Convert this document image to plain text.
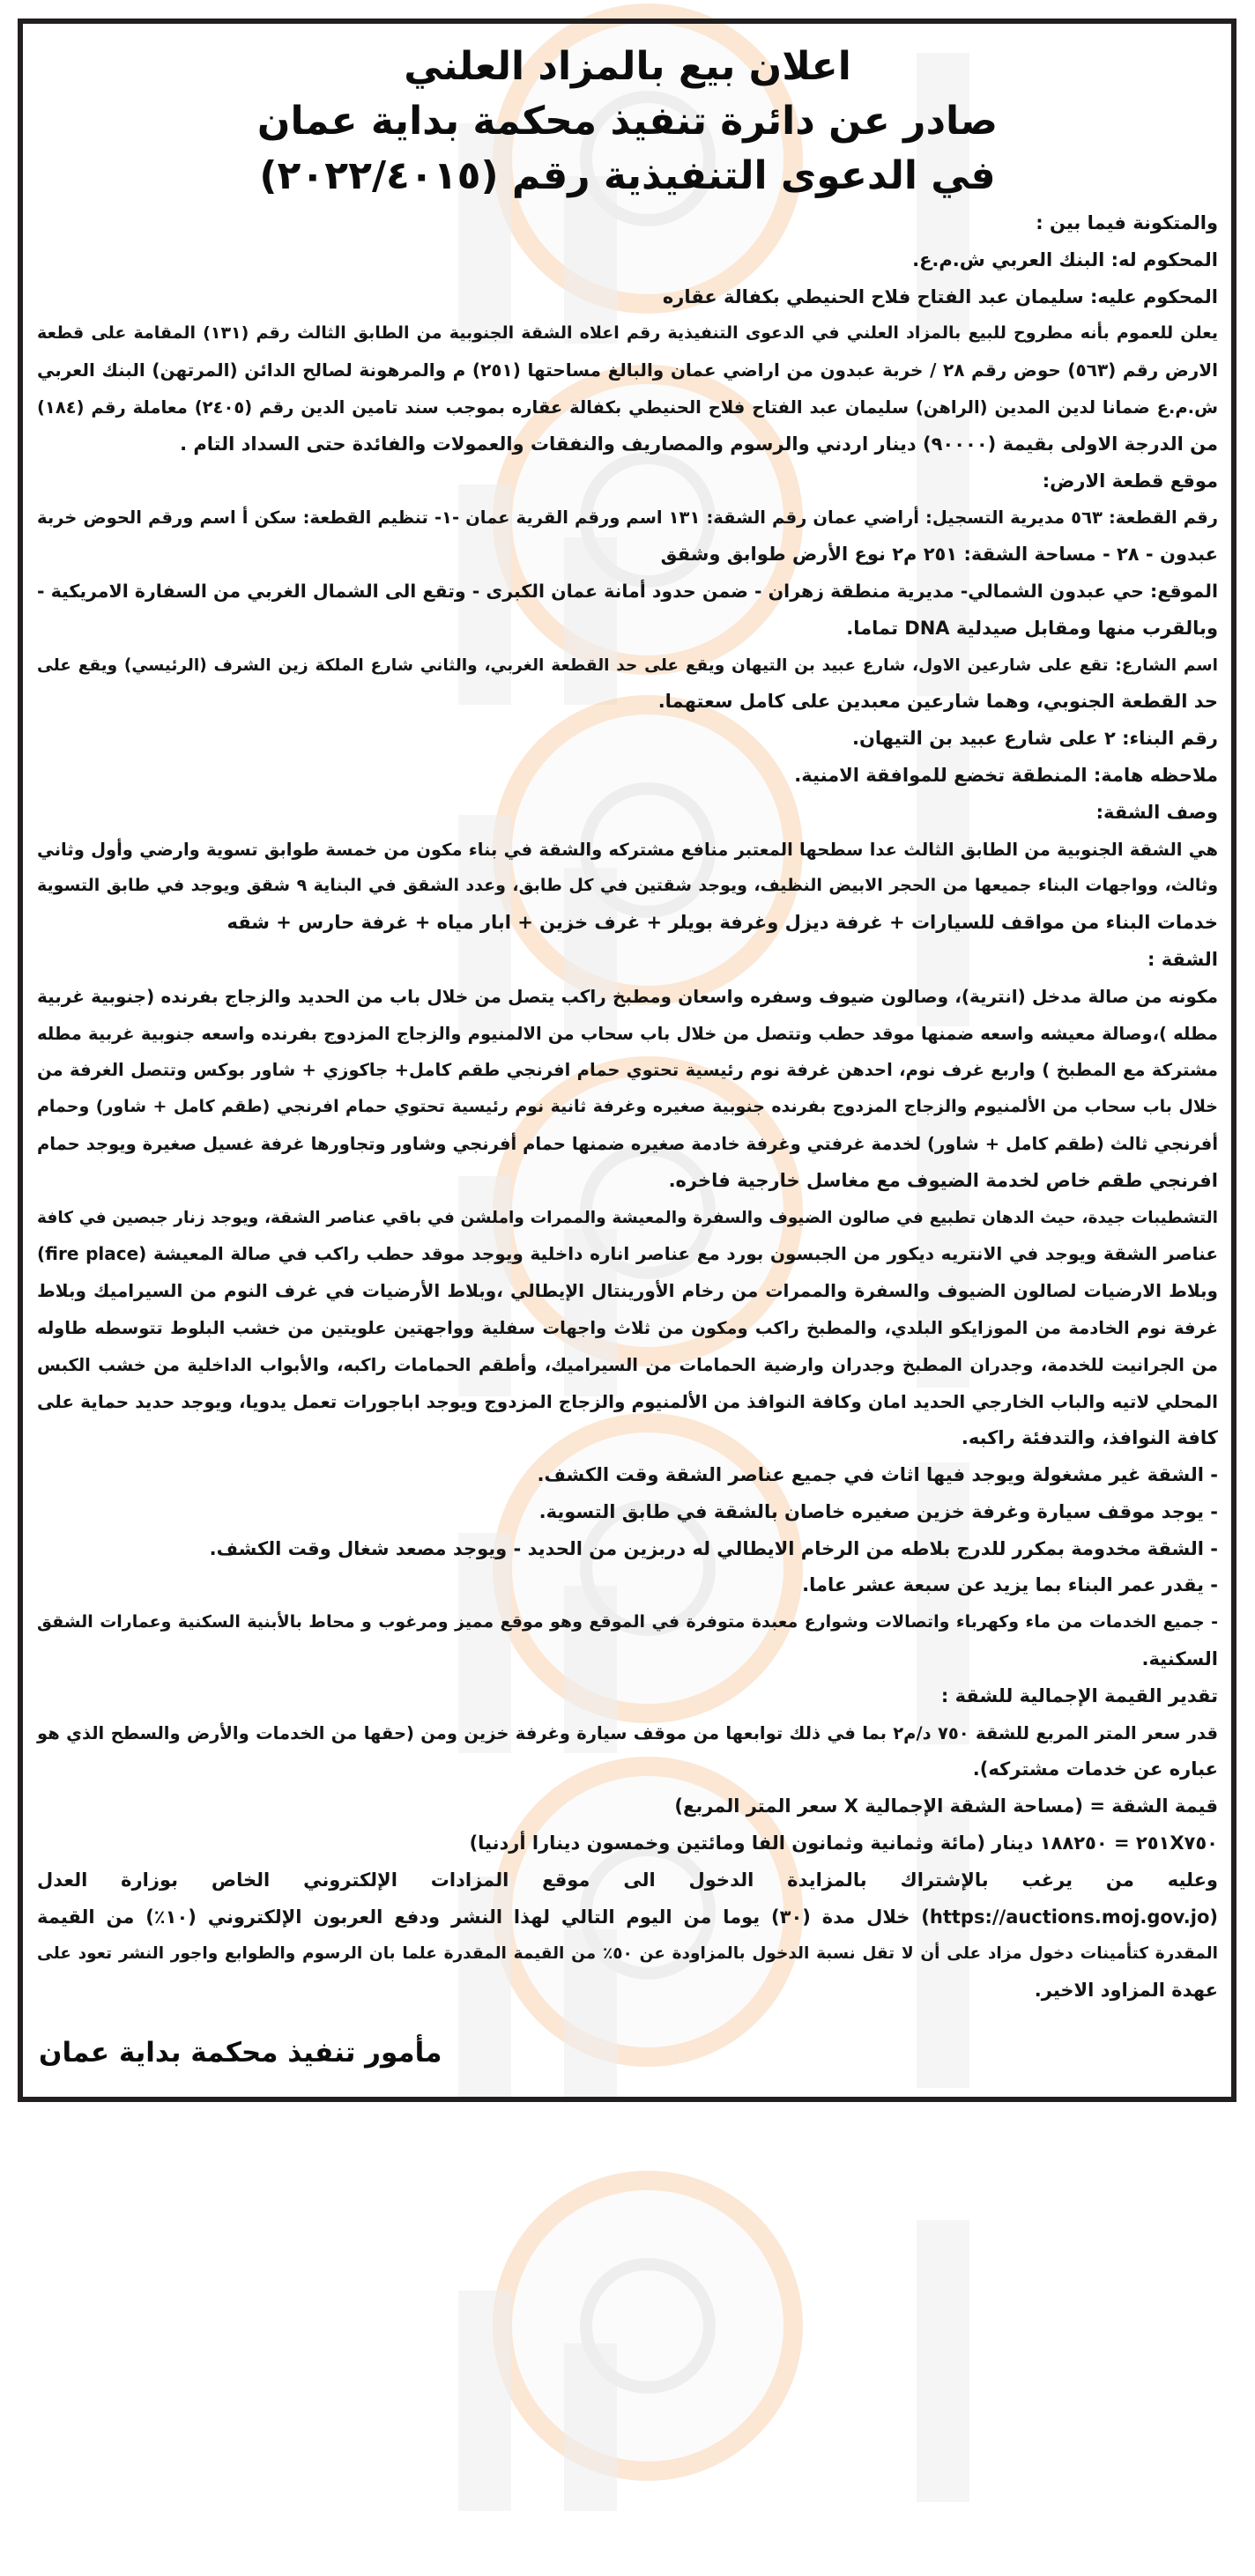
اعلان بيع بالمزاد العلني
صادر عن دائرة تنفيذ محكمة بداية عمان
في الدعوى التنفيذية رقم (٢٠٢٢/٤٠١٥)
والمتكونة فيما بين :
المحكوم له: البنك العربي ش.م.ع.
المحكوم عليه: سليمان عبد الفتاح فلاح الحنيطي بكفالة عقاره
يعلن للعموم بأنه مطروح للبيع بالمزاد العلني في الدعوى التنفيذية رقم اعلاه الشقة الجنوبية من الطابق الثالث رقم (١٣١) المقامة على قطعة
الارض رقم (٥٦٣) حوض رقم ٢٨ / خربة عبدون من اراضي عمان والبالغ مساحتها (٢٥١) م والمرهونة لصالح الدائن (المرتهن) البنك العربي
ش.م.ع ضمانا لدين المدين (الراهن) سليمان عبد الفتاح فلاح الحنيطي بكفالة عقاره بموجب سند تامين الدين رقم (٢٤٠٥) معاملة رقم (١٨٤)
من الدرجة الاولى بقيمة (٩٠٠٠٠) دينار اردني والرسوم والمصاريف والنفقات والعمولات والفائدة حتى السداد التام .
موقع قطعة الارض:
رقم القطعة: ٥٦٣ مديرية التسجيل: أراضي عمان رقم الشقة: ١٣١ اسم ورقم القرية عمان -١- تنظيم القطعة: سكن أ اسم ورقم الحوض خربة
عبدون - ٢٨ - مساحة الشقة: ٢٥١ م٢ نوع الأرض طوابق وشقق
الموقع: حي عبدون الشمالي- مديرية منطقة زهران - ضمن حدود أمانة عمان الكبرى - وتقع الى الشمال الغربي من السفارة الامريكية -
وبالقرب منها ومقابل صيدلية DNA تماما.
اسم الشارع: تقع على شارعين الاول، شارع عبيد بن التيهان ويقع على حد القطعة الغربي، والثاني شارع الملكة زين الشرف (الرئيسي) ويقع على
حد القطعة الجنوبي، وهما شارعين معبدين على كامل سعتهما.
رقم البناء: ٢ على شارع عبيد بن التيهان.
ملاحظه هامة: المنطقة تخضع للموافقة الامنية.
وصف الشقة:
هي الشقة الجنوبية من الطابق الثالث عدا سطحها المعتبر منافع مشتركه والشقة في بناء مكون من خمسة طوابق تسوية وارضي وأول وثاني
وثالث، وواجهات البناء جميعها من الحجر الابيض النظيف، ويوجد شقتين في كل طابق، وعدد الشقق في البناية ٩ شقق ويوجد في طابق التسوية
خدمات البناء من مواقف للسيارات + غرفة ديزل وغرفة بويلر + غرف خزين + ابار مياه + غرفة حارس + شقه
الشقة :
مكونه من صالة مدخل (انترية)، وصالون ضيوف وسفره واسعان ومطبخ راكب يتصل من خلال باب من الحديد والزجاج بفرنده (جنوبية غربية
مطله )،وصالة معيشه واسعه ضمنها موقد حطب وتتصل من خلال باب سحاب من الالمنيوم والزجاج المزدوج بفرنده واسعه جنوبية غربية مطله
مشتركة مع المطبخ ) واربع غرف نوم، احدهن غرفة نوم رئيسية تحتوي حمام افرنجي طقم كامل+ جاكوزي + شاور بوكس وتتصل الغرفة من
خلال باب سحاب من الألمنيوم والزجاج المزدوج بفرنده جنوبية صغيره وغرفة ثانية نوم رئيسية تحتوي حمام افرنجي (طقم كامل + شاور) وحمام
أفرنجي ثالث (طقم كامل + شاور) لخدمة غرفتي وغرفة خادمة صغيره ضمنها حمام أفرنجي وشاور وتجاورها غرفة غسيل صغيرة ويوجد حمام
افرنجي طقم خاص لخدمة الضيوف مع مغاسل خارجية فاخره.
التشطيبات جيدة، حيث الدهان تطبيع في صالون الضيوف والسفرة والمعيشة والممرات واملشن في باقي عناصر الشقة، ويوجد زنار جبصين في كافة
عناصر الشقة ويوجد في الانتريه ديكور من الجبسون بورد مع عناصر اناره داخلية ويوجد موقد حطب راكب في صالة المعيشة (fire place)
وبلاط الارضيات لصالون الضيوف والسفرة والممرات من رخام الأورينتال الإيطالي ،وبلاط الأرضيات في غرف النوم من السيراميك وبلاط
غرفة نوم الخادمة من الموزايكو البلدي، والمطبخ راكب ومكون من ثلاث واجهات سفلية وواجهتين علويتين من خشب البلوط تتوسطه طاوله
من الجرانيت للخدمة، وجدران المطبخ وجدران وارضية الحمامات من السيراميك، وأطقم الحمامات راكبه، والأبواب الداخلية من خشب الكبس
المحلي لاتيه والباب الخارجي الحديد امان وكافة النوافذ من الألمنيوم والزجاج المزدوج ويوجد اباجورات تعمل يدويا، ويوجد حديد حماية على
كافة النوافذ، والتدفئة راكبه.
- الشقة غير مشغولة ويوجد فيها اثاث في جميع عناصر الشقة وقت الكشف.
- يوجد موقف سيارة وغرفة خزين صغيره خاصان بالشقة في طابق التسوية.
- الشقة مخدومة بمكرر للدرج بلاطه من الرخام الايطالي له دربزين من الحديد - ويوجد مصعد شغال وقت الكشف.
- يقدر عمر البناء بما يزيد عن سبعة عشر عاما.
- جميع الخدمات من ماء وكهرباء واتصالات وشوارع معبدة متوفرة في الموقع وهو موقع مميز ومرغوب و محاط بالأبنية السكنية وعمارات الشقق
السكنية.
تقدير القيمة الإجمالية للشقة :
قدر سعر المتر المربع للشقة ٧٥٠ د/م٢ بما في ذلك توابعها من موقف سيارة وغرفة خزين ومن (حقها من الخدمات والأرض والسطح الذي هو
عباره عن خدمات مشتركه).
قيمة الشقة = (مساحة الشقة الإجمالية X سعر المتر المربع)
٢٥١X٧٥٠ = ١٨٨٢٥٠ دينار (مائة وثمانية وثمانون الفا ومائتين وخمسون دينارا أردنيا)
وعليه من يرغب بالإشتراك بالمزايدة الدخول الى موقع المزادات الإلكتروني الخاص بوزارة العدل
(https://auctions.moj.gov.jo) خلال مدة (٣٠) يوما من اليوم التالي لهذا النشر ودفع العربون الإلكتروني (١٠٪) من القيمة
المقدرة كتأمينات دخول مزاد على أن لا تقل نسبة الدخول بالمزاودة عن ٥٠٪ من القيمة المقدرة علما بان الرسوم والطوابع واجور النشر تعود على
عهدة المزاود الاخير.
مأمور تنفيذ محكمة بداية عمان
